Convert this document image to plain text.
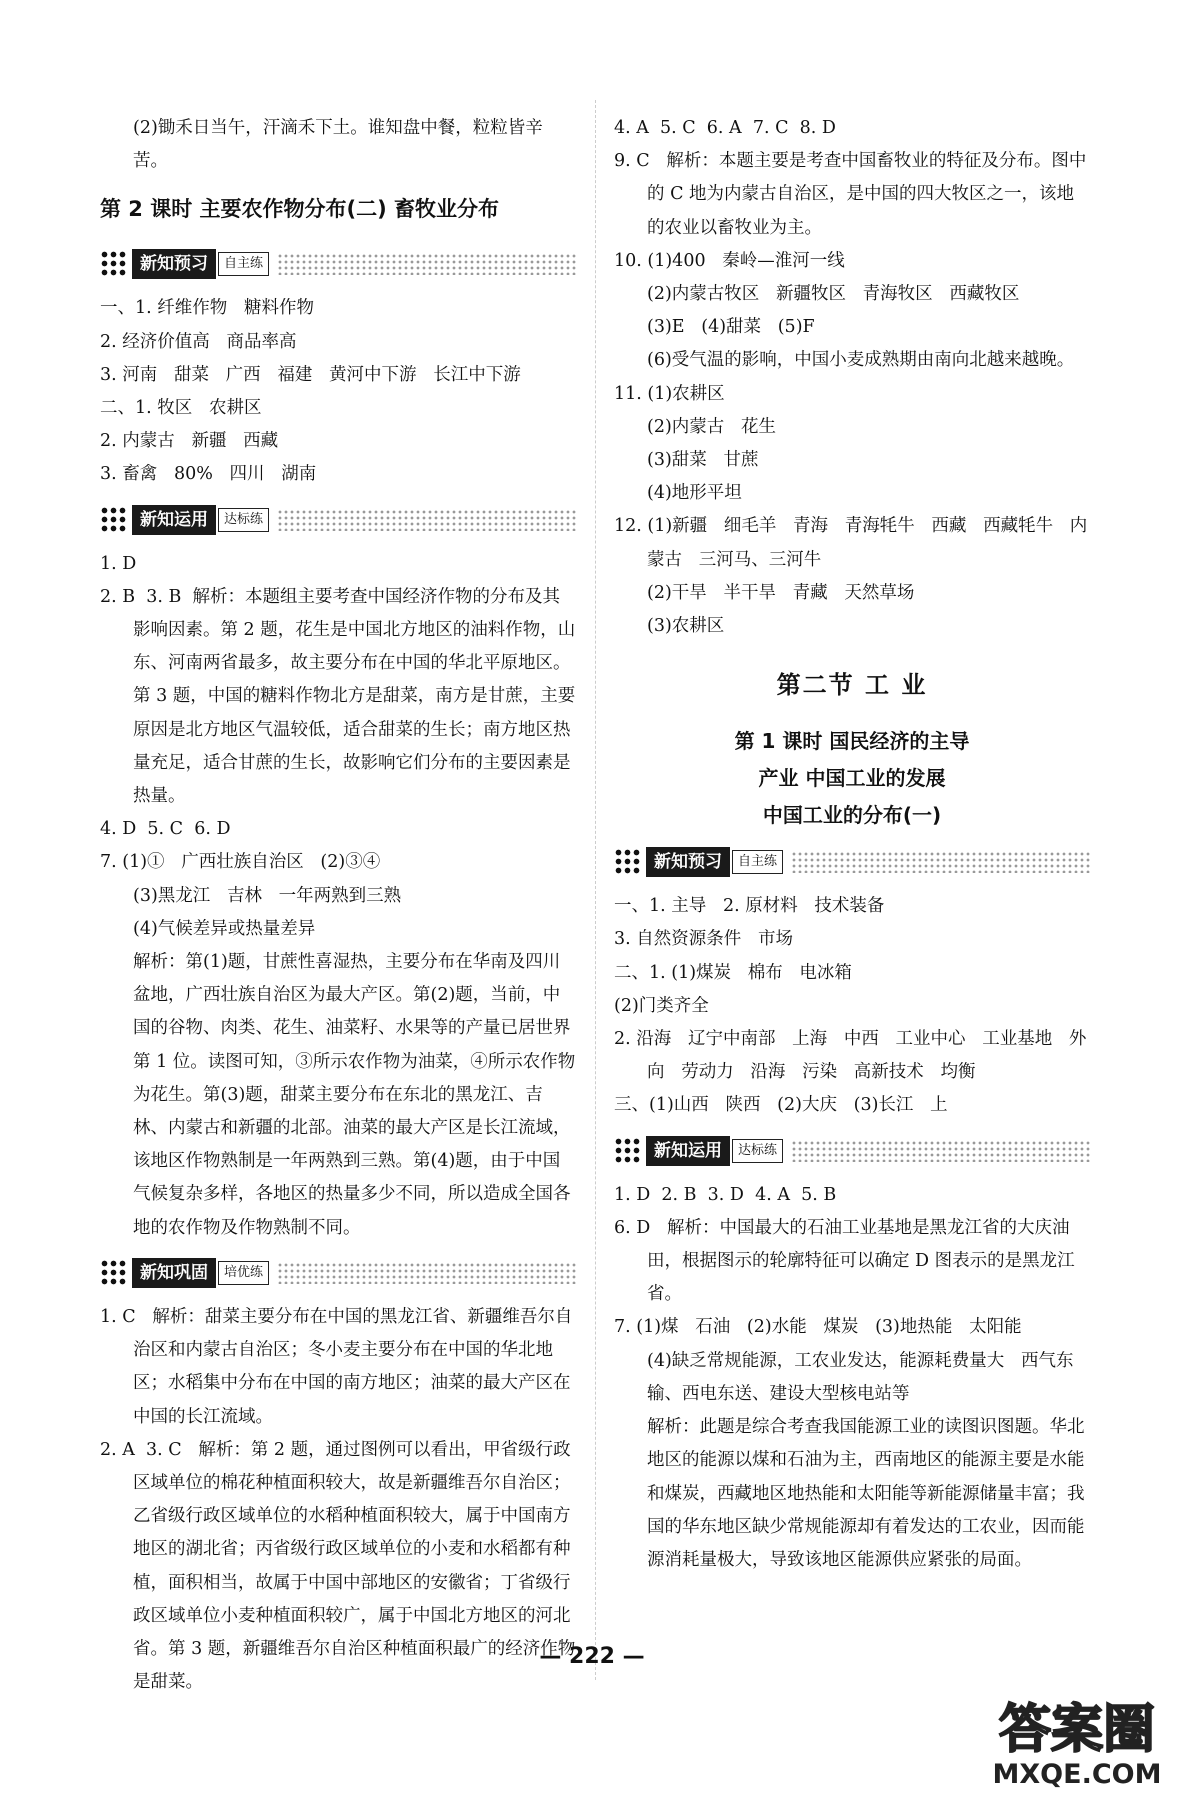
(2)锄禾日当午，汗滴禾下土。谁知盘中餐，粒粒皆辛苦。

第 2 课时 主要农作物分布(二) 畜牧业分布
新知预习	自主练

一、1. 纤维作物   糖料作物

2. 经济价值高   商品率高

3. 河南   甜菜   广西   福建   黄河中下游   长江中下游

二、1. 牧区   农耕区

2. 内蒙古   新疆   西藏

3. 畜禽   80%   四川   湖南

新知运用	达标练

1. D

2. B  3. B  解析：本题组主要考查中国经济作物的分布及其影响因素。第 2 题，花生是中国北方地区的油料作物，山东、河南两省最多，故主要分布在中国的华北平原地区。第 3 题，中国的糖料作物北方是甜菜，南方是甘蔗，主要原因是北方地区气温较低，适合甜菜的生长；南方地区热量充足，适合甘蔗的生长，故影响它们分布的主要因素是热量。

4. D  5. C  6. D

7. (1)①   广西壮族自治区   (2)③④

(3)黑龙江   吉林   一年两熟到三熟

(4)气候差异或热量差异

解析：第(1)题，甘蔗性喜湿热，主要分布在华南及四川盆地，广西壮族自治区为最大产区。第(2)题，当前，中国的谷物、肉类、花生、油菜籽、水果等的产量已居世界第 1 位。读图可知，③所示农作物为油菜，④所示农作物为花生。第(3)题，甜菜主要分布在东北的黑龙江、吉林、内蒙古和新疆的北部。油菜的最大产区是长江流域，该地区作物熟制是一年两熟到三熟。第(4)题，由于中国气候复杂多样，各地区的热量多少不同，所以造成全国各地的农作物及作物熟制不同。

新知巩固	培优练

1. C   解析：甜菜主要分布在中国的黑龙江省、新疆维吾尔自治区和内蒙古自治区；冬小麦主要分布在中国的华北地区；水稻集中分布在中国的南方地区；油菜的最大产区在中国的长江流域。

2. A  3. C   解析：第 2 题，通过图例可以看出，甲省级行政区域单位的棉花种植面积较大，故是新疆维吾尔自治区；乙省级行政区域单位的水稻种植面积较大，属于中国南方地区的湖北省；丙省级行政区域单位的小麦和水稻都有种植，面积相当，故属于中国中部地区的安徽省；丁省级行政区域单位小麦种植面积较广，属于中国北方地区的河北省。第 3 题，新疆维吾尔自治区种植面积最广的经济作物是甜菜。

4. A  5. C  6. A  7. C  8. D

9. C   解析：本题主要是考查中国畜牧业的特征及分布。图中的 C 地为内蒙古自治区，是中国的四大牧区之一，该地的农业以畜牧业为主。

10. (1)400   秦岭—淮河一线

(2)内蒙古牧区   新疆牧区   青海牧区   西藏牧区

(3)E   (4)甜菜   (5)F

(6)受气温的影响，中国小麦成熟期由南向北越来越晚。

11. (1)农耕区

(2)内蒙古   花生

(3)甜菜   甘蔗

(4)地形平坦

12. (1)新疆   细毛羊   青海   青海牦牛   西藏   西藏牦牛   内蒙古   三河马、三河牛

(2)干旱   半干旱   青藏   天然草场

(3)农耕区

第二节 工 业
第 1 课时 国民经济的主导
产业 中国工业的发展
中国工业的分布(一)
新知预习	自主练

一、1. 主导   2. 原材料   技术装备

3. 自然资源条件   市场

二、1. (1)煤炭   棉布   电冰箱

(2)门类齐全

2. 沿海   辽宁中南部   上海   中西   工业中心   工业基地   外向   劳动力   沿海   污染   高新技术   均衡

三、(1)山西   陕西   (2)大庆   (3)长江   上

新知运用	达标练

1. D  2. B  3. D  4. A  5. B

6. D   解析：中国最大的石油工业基地是黑龙江省的大庆油田，根据图示的轮廓特征可以确定 D 图表示的是黑龙江省。

7. (1)煤   石油   (2)水能   煤炭   (3)地热能   太阳能

(4)缺乏常规能源，工农业发达，能源耗费量大   西气东输、西电东送、建设大型核电站等

解析：此题是综合考查我国能源工业的读图识图题。华北地区的能源以煤和石油为主，西南地区的能源主要是水能和煤炭，西藏地区地热能和太阳能等新能源储量丰富；我国的华东地区缺少常规能源却有着发达的工农业，因而能源消耗量极大，导致该地区能源供应紧张的局面。

— 222 —
答案圈
MXQE.COM
